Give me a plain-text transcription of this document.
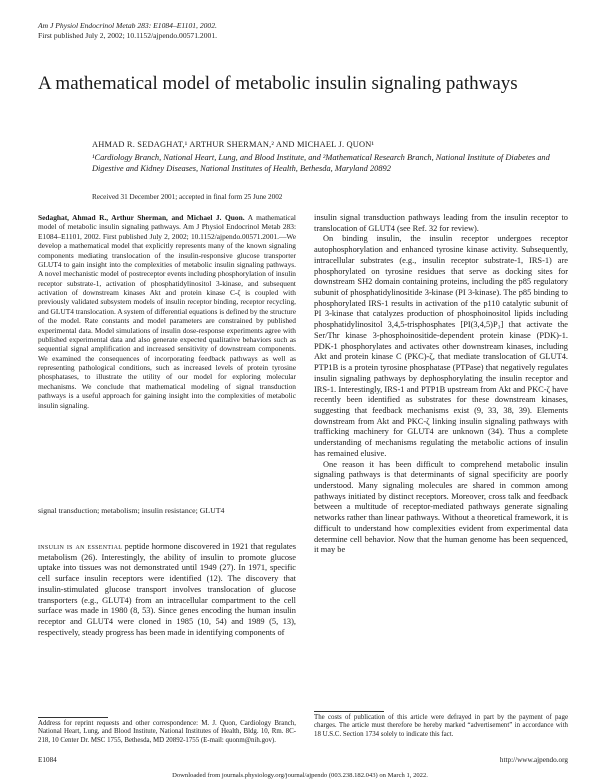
Am J Physiol Endocrinol Metab 283: E1084–E1101, 2002.
First published July 2, 2002; 10.1152/ajpendo.00571.2001.
A mathematical model of metabolic insulin signaling pathways
AHMAD R. SEDAGHAT,¹ ARTHUR SHERMAN,² AND MICHAEL J. QUON¹
¹Cardiology Branch, National Heart, Lung, and Blood Institute, and ²Mathematical Research Branch, National Institute of Diabetes and Digestive and Kidney Diseases, National Institutes of Health, Bethesda, Maryland 20892
Received 31 December 2001; accepted in final form 25 June 2002
Sedaghat, Ahmad R., Arthur Sherman, and Michael J. Quon. A mathematical model of metabolic insulin signaling pathways. Am J Physiol Endocrinol Metab 283: E1084–E1101, 2002. First published July 2, 2002; 10.1152/ajpendo.00571.2001.—We develop a mathematical model that explicitly represents many of the known signaling components mediating translocation of the insulin-responsive glucose transporter GLUT4 to gain insight into the complexities of metabolic insulin signaling pathways. A novel mechanistic model of postreceptor events including phosphorylation of insulin receptor substrate-1, activation of phosphatidylinositol 3-kinase, and subsequent activation of downstream kinases Akt and protein kinase C-ζ is coupled with previously validated subsystem models of insulin receptor binding, receptor recycling, and GLUT4 translocation. A system of differential equations is defined by the structure of the model. Rate constants and model parameters are constrained by published experimental data. Model simulations of insulin dose-response experiments agree with published experimental data and also generate expected qualitative behaviors such as sequential signal amplification and increased sensitivity of downstream components. We examined the consequences of incorporating feedback pathways as well as representing pathological conditions, such as increased levels of protein tyrosine phosphatases, to illustrate the utility of our model for exploring molecular mechanisms. We conclude that mathematical modeling of signal transduction pathways is a useful approach for gaining insight into the complexities of metabolic insulin signaling.
signal transduction; metabolism; insulin resistance; GLUT4

insulin is an essential peptide hormone discovered in 1921 that regulates metabolism (26). Interestingly, the ability of insulin to promote glucose uptake into tissues was not demonstrated until 1949 (27). In 1971, specific cell surface insulin receptors were identified (12). The discovery that insulin-stimulated glucose transport involves translocation of glucose transporters (e.g., GLUT4) from an intracellular compartment to the cell surface was made in 1980 (8, 53). Since genes encoding the human insulin receptor and GLUT4 were cloned in 1985 (10, 54) and 1989 (5, 13), respectively, steady progress has been made in identifying components of

Address for reprint requests and other correspondence: M. J. Quon, Cardiology Branch, National Heart, Lung, and Blood Institute, National Institutes of Health, Bldg. 10, Rm. 8C-218, 10 Center Dr. MSC 1755, Bethesda, MD 20892-1755 (E-mail: quonm@nih.gov).

insulin signal transduction pathways leading from the insulin receptor to translocation of GLUT4 (see Ref. 32 for review).

On binding insulin, the insulin receptor undergoes receptor autophosphorylation and enhanced tyrosine kinase activity. Subsequently, intracellular substrates (e.g., insulin receptor substrate-1, IRS-1) are phosphorylated on tyrosine residues that serve as docking sites for downstream SH2 domain containing proteins, including the p85 regulatory subunit of phosphatidylinositide 3-kinase (PI 3-kinase). The p85 binding to phosphorylated IRS-1 results in activation of the p110 catalytic subunit of PI 3-kinase that catalyzes production of phosphoinositol lipids including phosphatidylinositol 3,4,5-trisphosphates [PI(3,4,5)P₃] that activate the Ser/Thr kinase 3-phosphoinositide-dependent protein kinase (PDK)-1. PDK-1 phosphorylates and activates other downstream kinases, including Akt and protein kinase C (PKC)-ζ, that mediate translocation of GLUT4. PTP1B is a protein tyrosine phosphatase (PTPase) that negatively regulates insulin signaling pathways by dephosphorylating the insulin receptor and IRS-1. Interestingly, IRS-1 and PTP1B upstream from Akt and PKC-ζ have recently been identified as substrates for these downstream kinases, suggesting that feedback mechanisms exist (9, 33, 38, 39). Elements downstream from Akt and PKC-ζ linking insulin signaling pathways with trafficking machinery for GLUT4 are unknown (34). Thus a complete understanding of mechanisms regulating the metabolic actions of insulin has remained elusive.

One reason it has been difficult to comprehend metabolic insulin signaling pathways is that determinants of signal specificity are poorly understood. Many signaling molecules are shared in common among pathways initiated by distinct receptors. Moreover, cross talk and feedback between a multitude of receptor-mediated pathways generate signaling networks rather than linear pathways. Without a theoretical framework, it is difficult to understand how complexities evident from experimental data determine cell behavior. Now that the human genome has been sequenced, it may be

The costs of publication of this article were defrayed in part by the payment of page charges. The article must therefore be hereby marked “advertisement” in accordance with 18 U.S.C. Section 1734 solely to indicate this fact.
E1084	http://www.ajpendo.org
Downloaded from journals.physiology.org/journal/ajpendo (003.238.182.043) on March 1, 2022.
